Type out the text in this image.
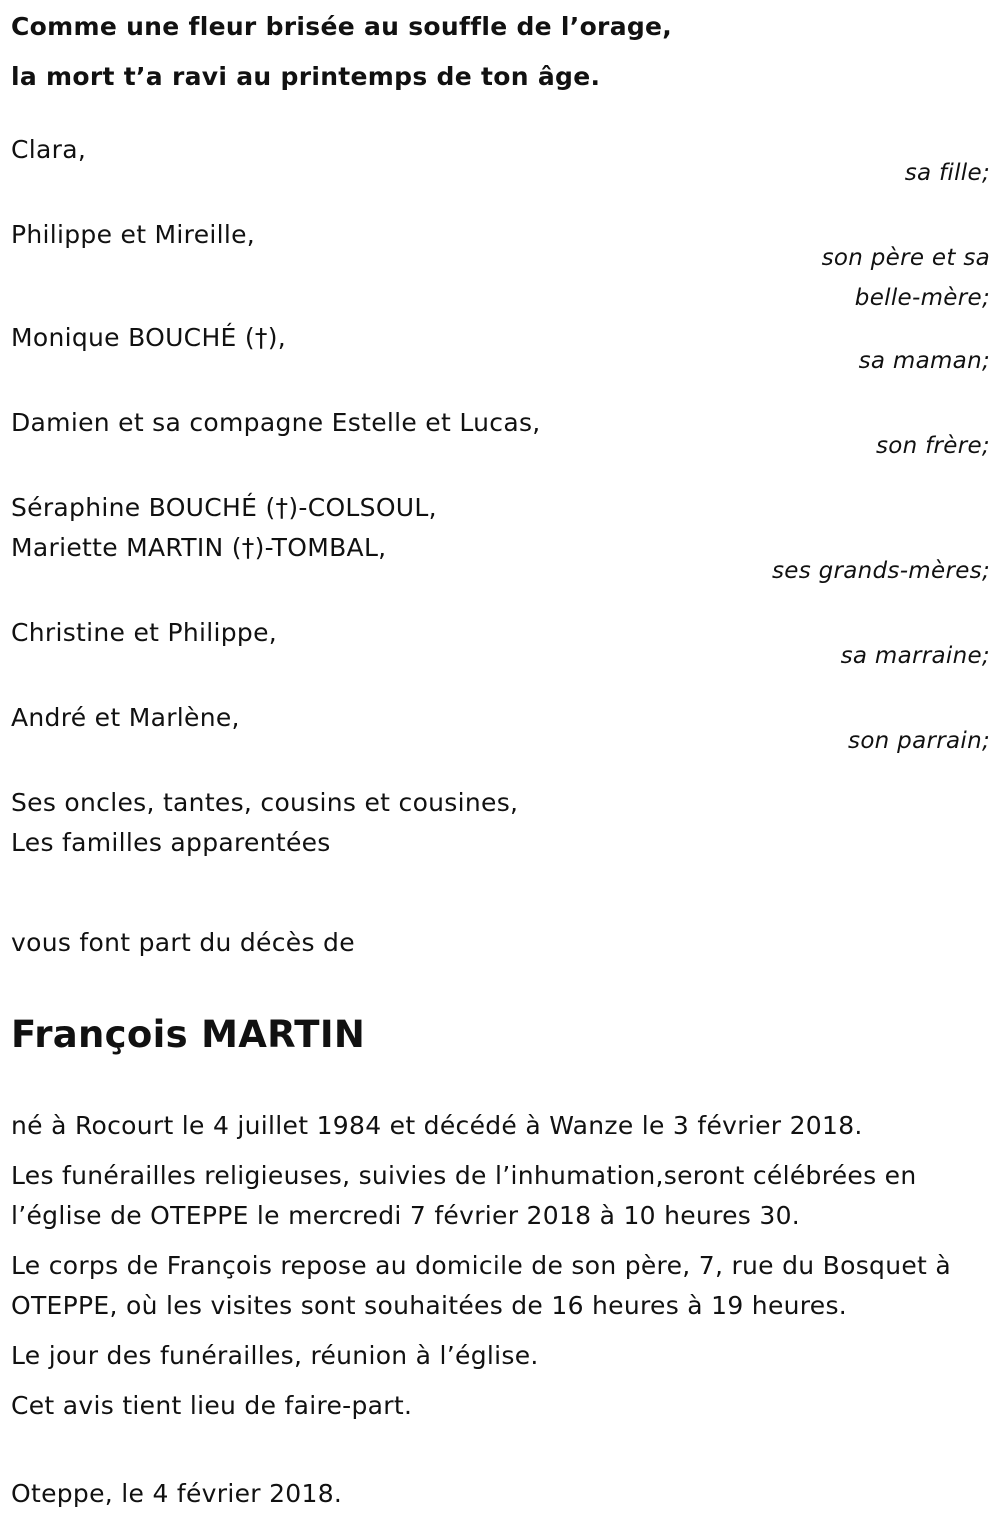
Comme une fleur brisée au souffle de l’orage,
la mort t’a ravi au printemps de ton âge.
Clara,
sa fille;
Philippe et Mireille,
son père et sa
belle-mère;
Monique BOUCHÉ (†),
sa maman;
Damien et sa compagne Estelle et Lucas,
son frère;
Séraphine BOUCHÉ (†)-COLSOUL,
Mariette MARTIN (†)-TOMBAL,
ses grands-mères;
Christine et Philippe,
sa marraine;
André et Marlène,
son parrain;
Ses oncles, tantes, cousins et cousines,
Les familles apparentées
vous font part du décès de
François MARTIN

né à Rocourt le 4 juillet 1984 et décédé à Wanze le 3 février 2018.

Les funérailles religieuses, suivies de l’inhumation,seront célébrées en l’église de OTEPPE le mercredi 7 février 2018 à 10 heures 30.

Le corps de François repose au domicile de son père, 7, rue du Bosquet à OTEPPE, où les visites sont souhaitées de 16 heures à 19 heures.

Le jour des funérailles, réunion à l’église.

Cet avis tient lieu de faire-part.

Oteppe, le 4 février 2018.
